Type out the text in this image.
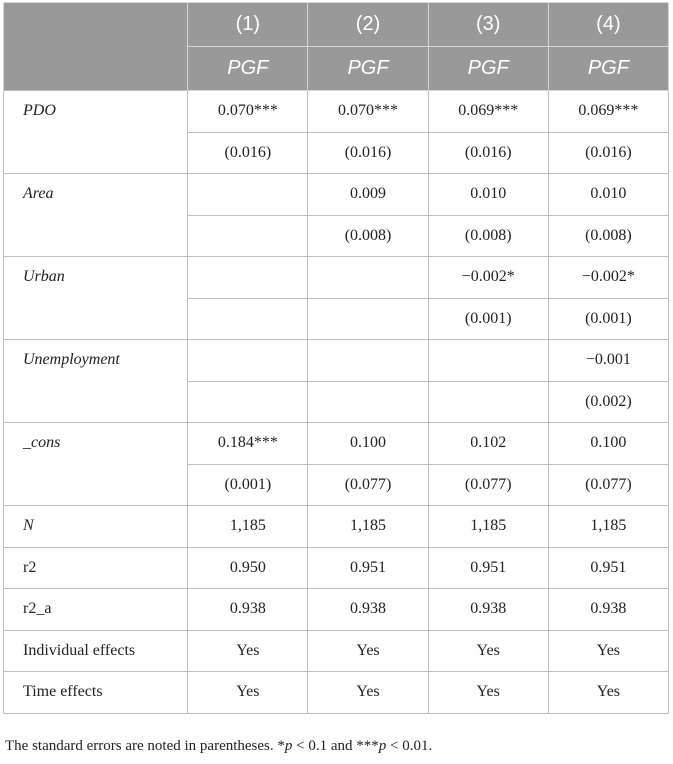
	(1)	(2)	(3)	(4)
	PGF	PGF	PGF	PGF
PDO	0.070***	0.070***	0.069***	0.069***
	(0.016)	(0.016)	(0.016)	(0.016)
Area		0.009	0.010	0.010
		(0.008)	(0.008)	(0.008)
Urban			−0.002*	−0.002*
			(0.001)	(0.001)
Unemployment				−0.001
				(0.002)
_cons	0.184***	0.100	0.102	0.100
	(0.001)	(0.077)	(0.077)	(0.077)
N	1,185	1,185	1,185	1,185
r2	0.950	0.951	0.951	0.951
r2_a	0.938	0.938	0.938	0.938
Individual effects	Yes	Yes	Yes	Yes
Time effects	Yes	Yes	Yes	Yes
The standard errors are noted in parentheses. *p < 0.1 and ***p < 0.01.
